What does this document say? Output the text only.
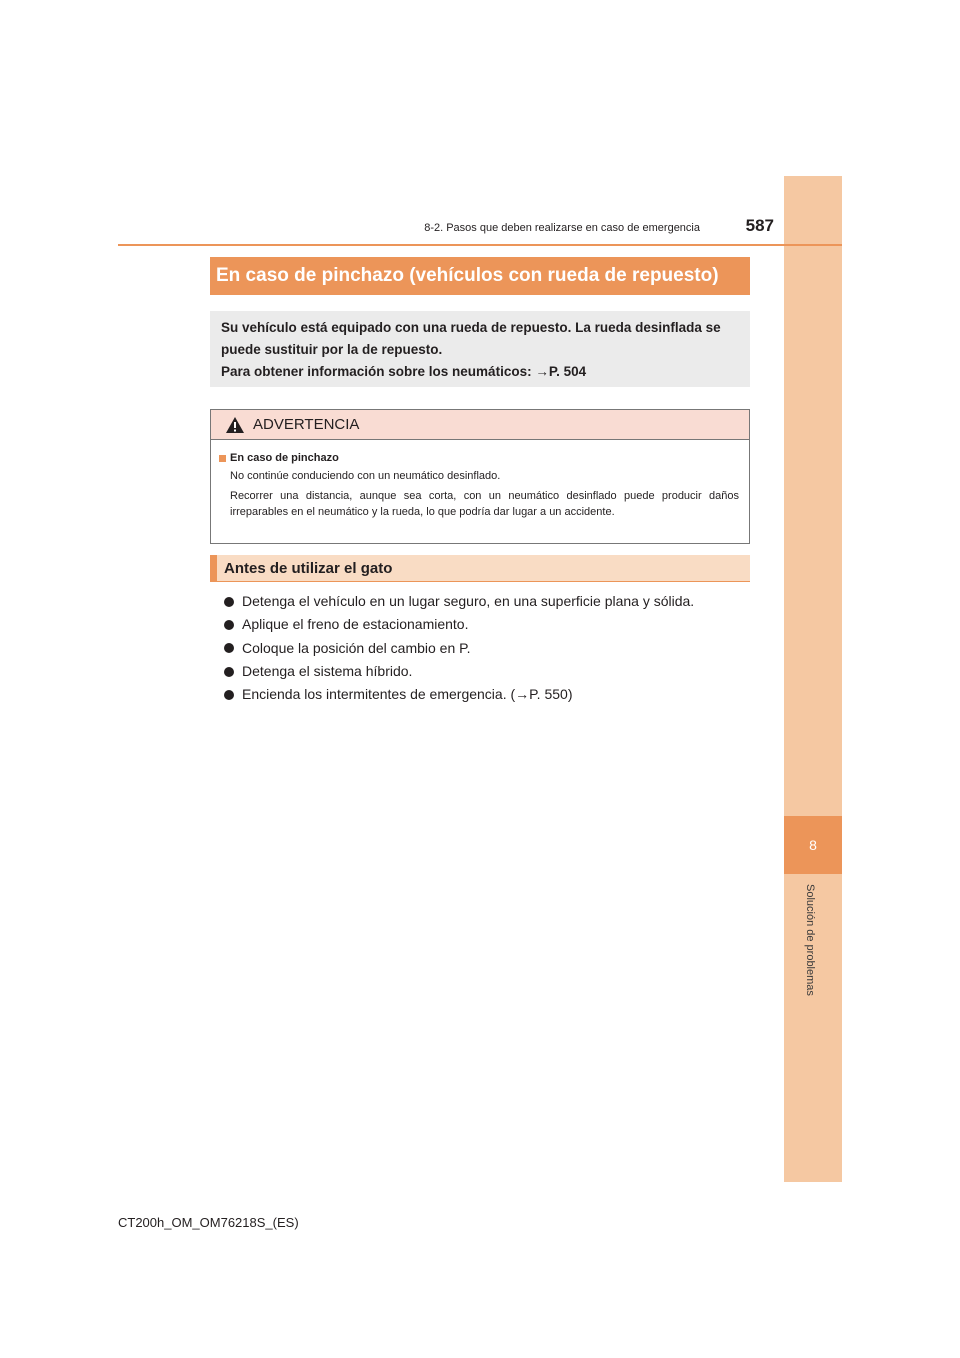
8
Solución de problemas
8-2. Pasos que deben realizarse en caso de emergencia	587
En caso de pinchazo (vehículos con rueda de repuesto)
Su vehículo está equipado con una rueda de repuesto. La rueda desinflada se
puede sustituir por la de repuesto.
Para obtener información sobre los neumáticos: →P. 504
ADVERTENCIA
En caso de pinchazo
No continúe conduciendo con un neumático desinflado.
Recorrer una distancia, aunque sea corta, con un neumático desinflado puede producir daños irreparables en el neumático y la rueda, lo que podría dar lugar a un accidente.
Antes de utilizar el gato
Detenga el vehículo en un lugar seguro, en una superficie plana y sólida.
Aplique el freno de estacionamiento.
Coloque la posición del cambio en P.
Detenga el sistema híbrido.
Encienda los intermitentes de emergencia. (→P. 550)
CT200h_OM_OM76218S_(ES)
